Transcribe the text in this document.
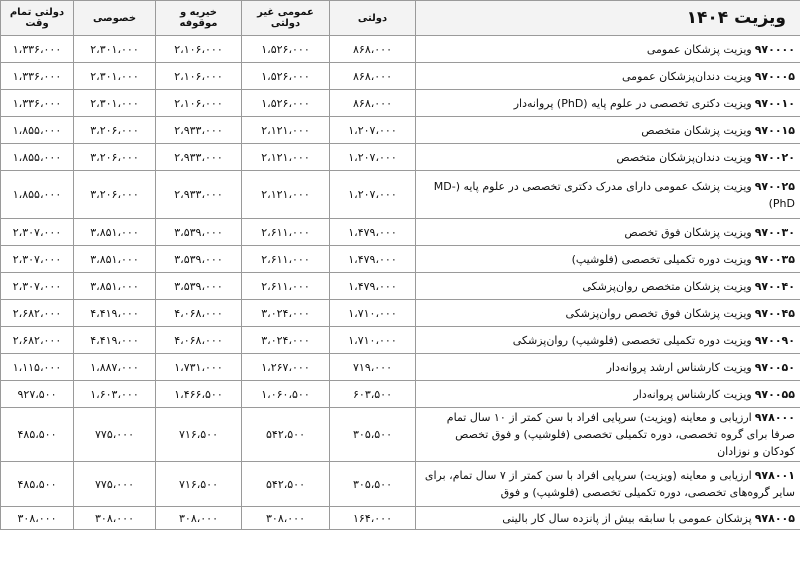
ویزیت ۱۴۰۴	دولتی	عمومی غیر دولتی	خیریه و موقوفه	خصوصی	دولتی تمام وقت
۹۷۰۰۰۰ویزیت پزشکان عمومی	۸۶۸،۰۰۰	۱،۵۲۶،۰۰۰	۲،۱۰۶،۰۰۰	۲،۳۰۱،۰۰۰	۱،۳۳۶،۰۰۰
۹۷۰۰۰۵ویزیت دندان‌پزشکان عمومی	۸۶۸،۰۰۰	۱،۵۲۶،۰۰۰	۲،۱۰۶،۰۰۰	۲،۳۰۱،۰۰۰	۱،۳۳۶،۰۰۰
۹۷۰۰۱۰ویزیت دکتری تخصصی در علوم پایه (PhD) پروانه‌دار	۸۶۸،۰۰۰	۱،۵۲۶،۰۰۰	۲،۱۰۶،۰۰۰	۲،۳۰۱،۰۰۰	۱،۳۳۶،۰۰۰
۹۷۰۰۱۵ویزیت پزشکان متخصص	۱،۲۰۷،۰۰۰	۲،۱۲۱،۰۰۰	۲،۹۳۳،۰۰۰	۳،۲۰۶،۰۰۰	۱،۸۵۵،۰۰۰
۹۷۰۰۲۰ویزیت دندان‌پزشکان متخصص	۱،۲۰۷،۰۰۰	۲،۱۲۱،۰۰۰	۲،۹۳۳،۰۰۰	۳،۲۰۶،۰۰۰	۱،۸۵۵،۰۰۰
۹۷۰۰۲۵ویزیت پزشک عمومی دارای مدرک دکتری تخصصی در علوم پایه (MD-PhD)	۱،۲۰۷،۰۰۰	۲،۱۲۱،۰۰۰	۲،۹۳۳،۰۰۰	۳،۲۰۶،۰۰۰	۱،۸۵۵،۰۰۰
۹۷۰۰۳۰ویزیت پزشکان فوق تخصص	۱،۴۷۹،۰۰۰	۲،۶۱۱،۰۰۰	۳،۵۳۹،۰۰۰	۳،۸۵۱،۰۰۰	۲،۳۰۷،۰۰۰
۹۷۰۰۳۵ویزیت دوره تکمیلی تخصصی (فلوشیپ)	۱،۴۷۹،۰۰۰	۲،۶۱۱،۰۰۰	۳،۵۳۹،۰۰۰	۳،۸۵۱،۰۰۰	۲،۳۰۷،۰۰۰
۹۷۰۰۴۰ویزیت پزشکان متخصص روان‌پزشکی	۱،۴۷۹،۰۰۰	۲،۶۱۱،۰۰۰	۳،۵۳۹،۰۰۰	۳،۸۵۱،۰۰۰	۲،۳۰۷،۰۰۰
۹۷۰۰۴۵ویزیت پزشکان فوق تخصص روان‌پزشکی	۱،۷۱۰،۰۰۰	۳،۰۲۴،۰۰۰	۴،۰۶۸،۰۰۰	۴،۴۱۹،۰۰۰	۲،۶۸۲،۰۰۰
۹۷۰۰۹۰ویزیت دوره تکمیلی تخصصی (فلوشیپ) روان‌پزشکی	۱،۷۱۰،۰۰۰	۳،۰۲۴،۰۰۰	۴،۰۶۸،۰۰۰	۴،۴۱۹،۰۰۰	۲،۶۸۲،۰۰۰
۹۷۰۰۵۰ویزیت کارشناس ارشد پروانه‌دار	۷۱۹،۰۰۰	۱،۲۶۷،۰۰۰	۱،۷۳۱،۰۰۰	۱،۸۸۷،۰۰۰	۱،۱۱۵،۰۰۰
۹۷۰۰۵۵ویزیت کارشناس پروانه‌دار	۶۰۳،۵۰۰	۱،۰۶۰،۵۰۰	۱،۴۶۶،۵۰۰	۱،۶۰۳،۰۰۰	۹۲۷،۵۰۰
۹۷۸۰۰۰ارزیابی و معاینه (ویزیت) سرپایی افراد با سن کمتر از ۱۰ سال تمام صرفا برای گروه تخصصی، دوره تکمیلی تخصصی (فلوشیپ) و فوق تخصص کودکان و نوزادان	۳۰۵،۵۰۰	۵۴۲،۵۰۰	۷۱۶،۵۰۰	۷۷۵،۰۰۰	۴۸۵،۵۰۰
۹۷۸۰۰۱ارزیابی و معاینه (ویزیت) سرپایی افراد با سن کمتر از ۷ سال تمام، برای سایر گروه‌های تخصصی، دوره تکمیلی تخصصی (فلوشیپ) و فوق	۳۰۵،۵۰۰	۵۴۲،۵۰۰	۷۱۶،۵۰۰	۷۷۵،۰۰۰	۴۸۵،۵۰۰
۹۷۸۰۰۵پزشکان عمومی با سابقه بیش از پانزده سال کار بالینی	۱۶۴،۰۰۰	۳۰۸،۰۰۰	۳۰۸،۰۰۰	۳۰۸،۰۰۰	۳۰۸،۰۰۰
